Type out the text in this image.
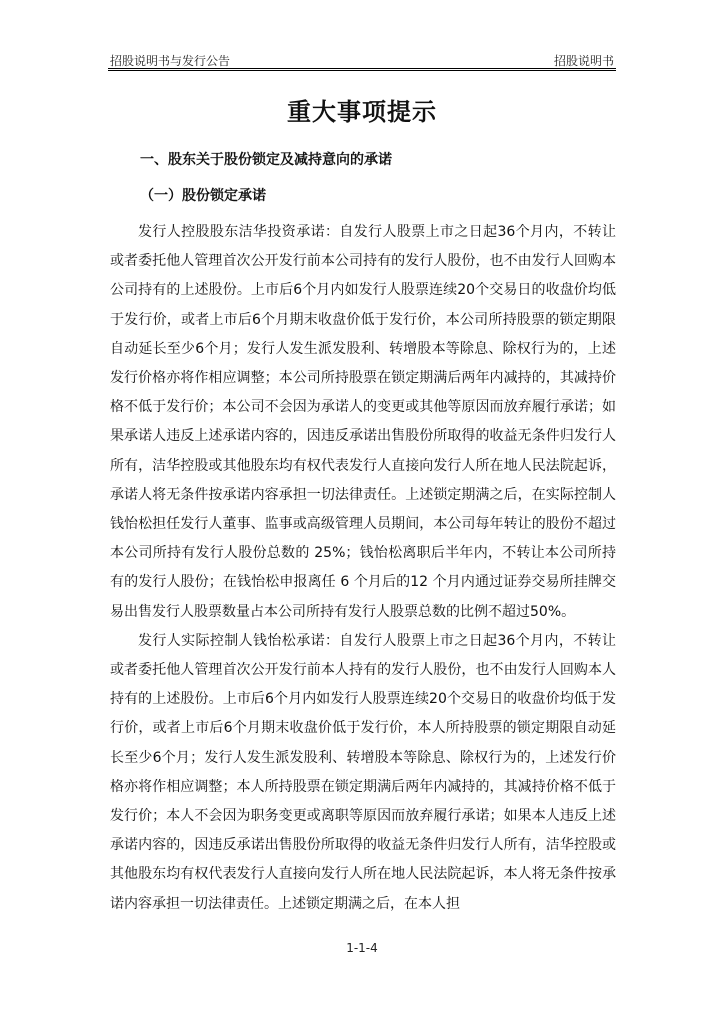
招股说明书与发行公告	招股说明书
重大事项提示
一、股东关于股份锁定及减持意向的承诺
（一）股份锁定承诺

发行人控股股东洁华投资承诺：自发行人股票上市之日起36个月内，不转让或者委托他人管理首次公开发行前本公司持有的发行人股份，也不由发行人回购本公司持有的上述股份。上市后6个月内如发行人股票连续20个交易日的收盘价均低于发行价，或者上市后6个月期末收盘价低于发行价，本公司所持股票的锁定期限自动延长至少6个月；发行人发生派发股利、转增股本等除息、除权行为的，上述发行价格亦将作相应调整；本公司所持股票在锁定期满后两年内减持的，其减持价格不低于发行价；本公司不会因为承诺人的变更或其他等原因而放弃履行承诺；如果承诺人违反上述承诺内容的，因违反承诺出售股份所取得的收益无条件归发行人所有，洁华控股或其他股东均有权代表发行人直接向发行人所在地人民法院起诉，承诺人将无条件按承诺内容承担一切法律责任。上述锁定期满之后，在实际控制人钱怡松担任发行人董事、监事或高级管理人员期间，本公司每年转让的股份不超过本公司所持有发行人股份总数的 25%；钱怡松离职后半年内，不转让本公司所持有的发行人股份；在钱怡松申报离任 6 个月后的12 个月内通过证券交易所挂牌交易出售发行人股票数量占本公司所持有发行人股票总数的比例不超过50%。

发行人实际控制人钱怡松承诺：自发行人股票上市之日起36个月内，不转让或者委托他人管理首次公开发行前本人持有的发行人股份，也不由发行人回购本人持有的上述股份。上市后6个月内如发行人股票连续20个交易日的收盘价均低于发行价，或者上市后6个月期末收盘价低于发行价，本人所持股票的锁定期限自动延长至少6个月；发行人发生派发股利、转增股本等除息、除权行为的，上述发行价格亦将作相应调整；本人所持股票在锁定期满后两年内减持的，其减持价格不低于发行价；本人不会因为职务变更或离职等原因而放弃履行承诺；如果本人违反上述承诺内容的，因违反承诺出售股份所取得的收益无条件归发行人所有，洁华控股或其他股东均有权代表发行人直接向发行人所在地人民法院起诉，本人将无条件按承诺内容承担一切法律责任。上述锁定期满之后，在本人担

1-1-4
